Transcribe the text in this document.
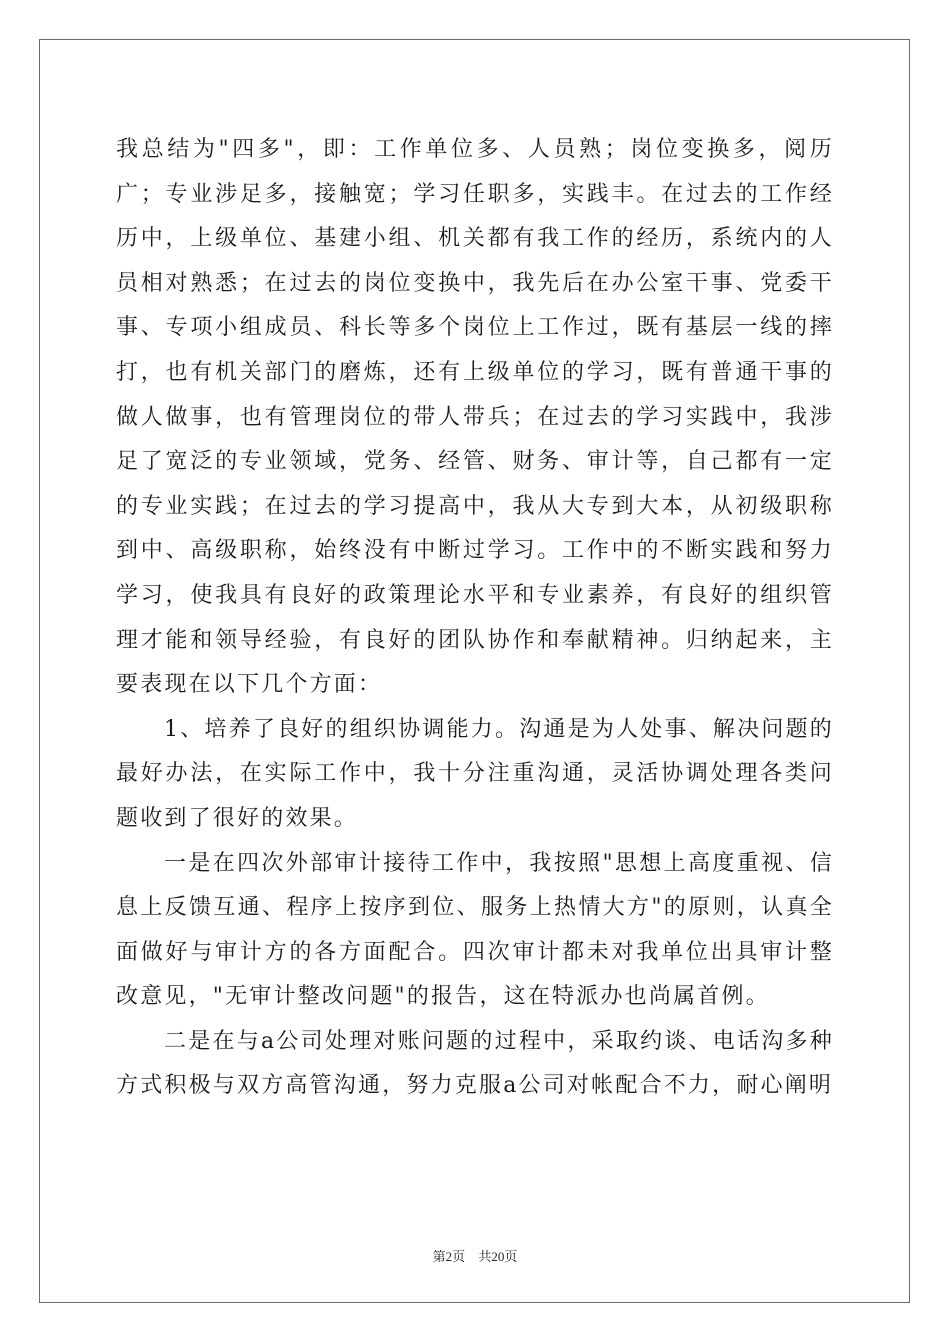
我总结为"四多"，即：工作单位多、人员熟；岗位变换多，阅历广；专业涉足多，接触宽；学习任职多，实践丰。在过去的工作经历中，上级单位、基建小组、机关都有我工作的经历，系统内的人员相对熟悉；在过去的岗位变换中，我先后在办公室干事、党委干事、专项小组成员、科长等多个岗位上工作过，既有基层一线的摔打，也有机关部门的磨炼，还有上级单位的学习，既有普通干事的做人做事，也有管理岗位的带人带兵；在过去的学习实践中，我涉足了宽泛的专业领域，党务、经管、财务、审计等，自己都有一定的专业实践；在过去的学习提高中，我从大专到大本，从初级职称到中、高级职称，始终没有中断过学习。工作中的不断实践和努力学习，使我具有良好的政策理论水平和专业素养，有良好的组织管理才能和领导经验，有良好的团队协作和奉献精神。归纳起来，主要表现在以下几个方面：

1、培养了良好的组织协调能力。沟通是为人处事、解决问题的最好办法，在实际工作中，我十分注重沟通，灵活协调处理各类问题收到了很好的效果。

一是在四次外部审计接待工作中，我按照"思想上高度重视、信息上反馈互通、程序上按序到位、服务上热情大方"的原则，认真全面做好与审计方的各方面配合。四次审计都未对我单位出具审计整改意见，"无审计整改问题"的报告，这在特派办也尚属首例。

二是在与a公司处理对账问题的过程中，采取约谈、电话沟多种方式积极与双方高管沟通，努力克服a公司对帐配合不力，耐心阐明

第2页 共20页
